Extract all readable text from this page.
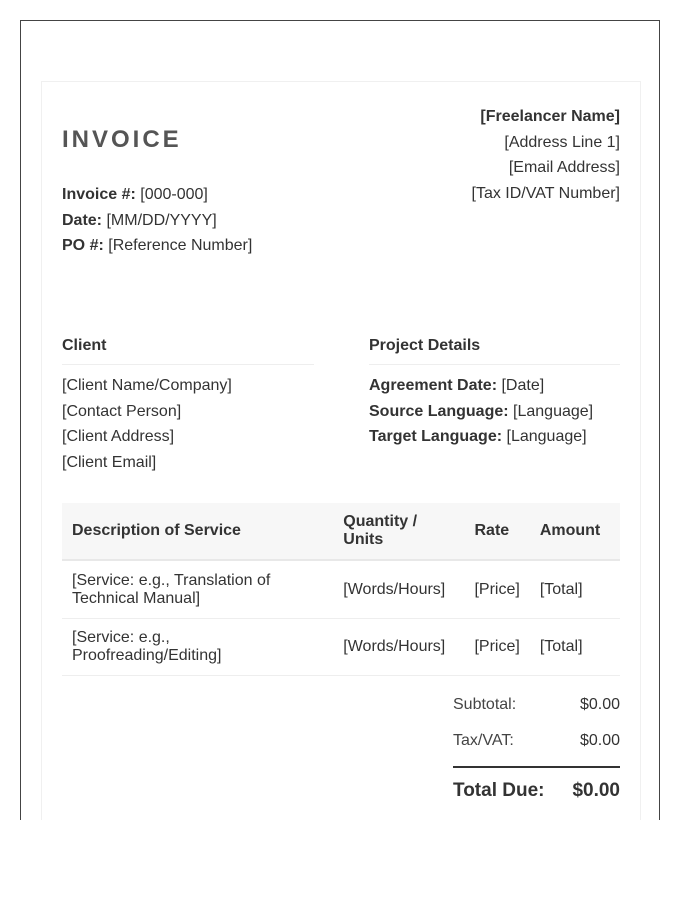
INVOICE
Invoice #: [000-000]
Date: [MM/DD/YYYY]
PO #: [Reference Number]
[Freelancer Name]
[Address Line 1]
[Email Address]
[Tax ID/VAT Number]
Client
[Client Name/Company]
[Contact Person]
[Client Address]
[Client Email]
Project Details
Agreement Date: [Date]
Source Language: [Language]
Target Language: [Language]
Description of Service	Quantity / Units	Rate	Amount
[Service: e.g., Translation of Technical Manual]	[Words/Hours]	[Price]	[Total]
[Service: e.g., Proofreading/Editing]	[Words/Hours]	[Price]	[Total]
Subtotal:	$0.00
Tax/VAT:	$0.00
Total Due: $0.00
